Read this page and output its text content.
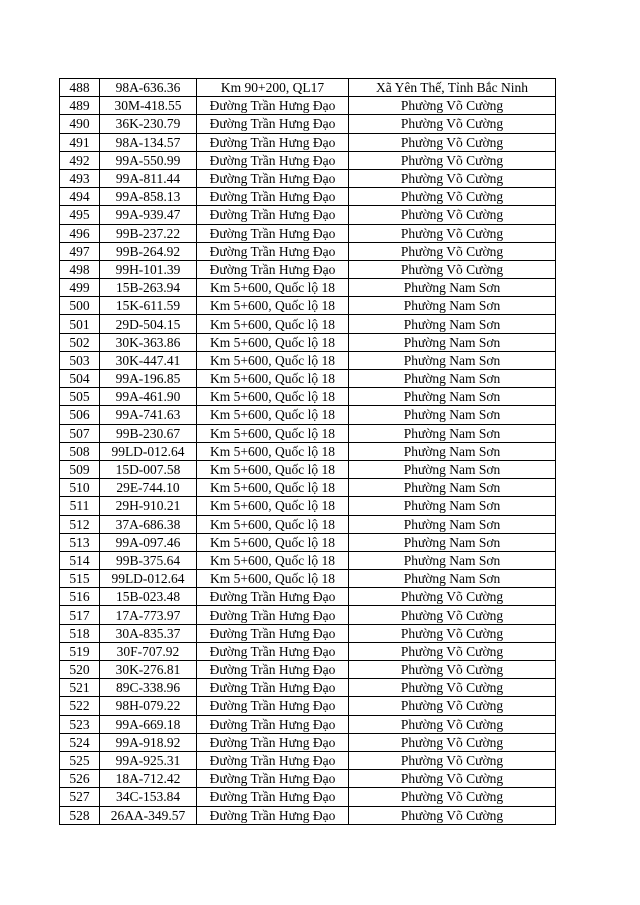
488	98A-636.36	Km 90+200, QL17	Xã Yên Thế, Tỉnh Bắc Ninh
489	30M-418.55	Đường Trần Hưng Đạo	Phường Võ Cường
490	36K-230.79	Đường Trần Hưng Đạo	Phường Võ Cường
491	98A-134.57	Đường Trần Hưng Đạo	Phường Võ Cường
492	99A-550.99	Đường Trần Hưng Đạo	Phường Võ Cường
493	99A-811.44	Đường Trần Hưng Đạo	Phường Võ Cường
494	99A-858.13	Đường Trần Hưng Đạo	Phường Võ Cường
495	99A-939.47	Đường Trần Hưng Đạo	Phường Võ Cường
496	99B-237.22	Đường Trần Hưng Đạo	Phường Võ Cường
497	99B-264.92	Đường Trần Hưng Đạo	Phường Võ Cường
498	99H-101.39	Đường Trần Hưng Đạo	Phường Võ Cường
499	15B-263.94	Km 5+600, Quốc lộ 18	Phường Nam Sơn
500	15K-611.59	Km 5+600, Quốc lộ 18	Phường Nam Sơn
501	29D-504.15	Km 5+600, Quốc lộ 18	Phường Nam Sơn
502	30K-363.86	Km 5+600, Quốc lộ 18	Phường Nam Sơn
503	30K-447.41	Km 5+600, Quốc lộ 18	Phường Nam Sơn
504	99A-196.85	Km 5+600, Quốc lộ 18	Phường Nam Sơn
505	99A-461.90	Km 5+600, Quốc lộ 18	Phường Nam Sơn
506	99A-741.63	Km 5+600, Quốc lộ 18	Phường Nam Sơn
507	99B-230.67	Km 5+600, Quốc lộ 18	Phường Nam Sơn
508	99LD-012.64	Km 5+600, Quốc lộ 18	Phường Nam Sơn
509	15D-007.58	Km 5+600, Quốc lộ 18	Phường Nam Sơn
510	29E-744.10	Km 5+600, Quốc lộ 18	Phường Nam Sơn
511	29H-910.21	Km 5+600, Quốc lộ 18	Phường Nam Sơn
512	37A-686.38	Km 5+600, Quốc lộ 18	Phường Nam Sơn
513	99A-097.46	Km 5+600, Quốc lộ 18	Phường Nam Sơn
514	99B-375.64	Km 5+600, Quốc lộ 18	Phường Nam Sơn
515	99LD-012.64	Km 5+600, Quốc lộ 18	Phường Nam Sơn
516	15B-023.48	Đường Trần Hưng Đạo	Phường Võ Cường
517	17A-773.97	Đường Trần Hưng Đạo	Phường Võ Cường
518	30A-835.37	Đường Trần Hưng Đạo	Phường Võ Cường
519	30F-707.92	Đường Trần Hưng Đạo	Phường Võ Cường
520	30K-276.81	Đường Trần Hưng Đạo	Phường Võ Cường
521	89C-338.96	Đường Trần Hưng Đạo	Phường Võ Cường
522	98H-079.22	Đường Trần Hưng Đạo	Phường Võ Cường
523	99A-669.18	Đường Trần Hưng Đạo	Phường Võ Cường
524	99A-918.92	Đường Trần Hưng Đạo	Phường Võ Cường
525	99A-925.31	Đường Trần Hưng Đạo	Phường Võ Cường
526	18A-712.42	Đường Trần Hưng Đạo	Phường Võ Cường
527	34C-153.84	Đường Trần Hưng Đạo	Phường Võ Cường
528	26AA-349.57	Đường Trần Hưng Đạo	Phường Võ Cường
